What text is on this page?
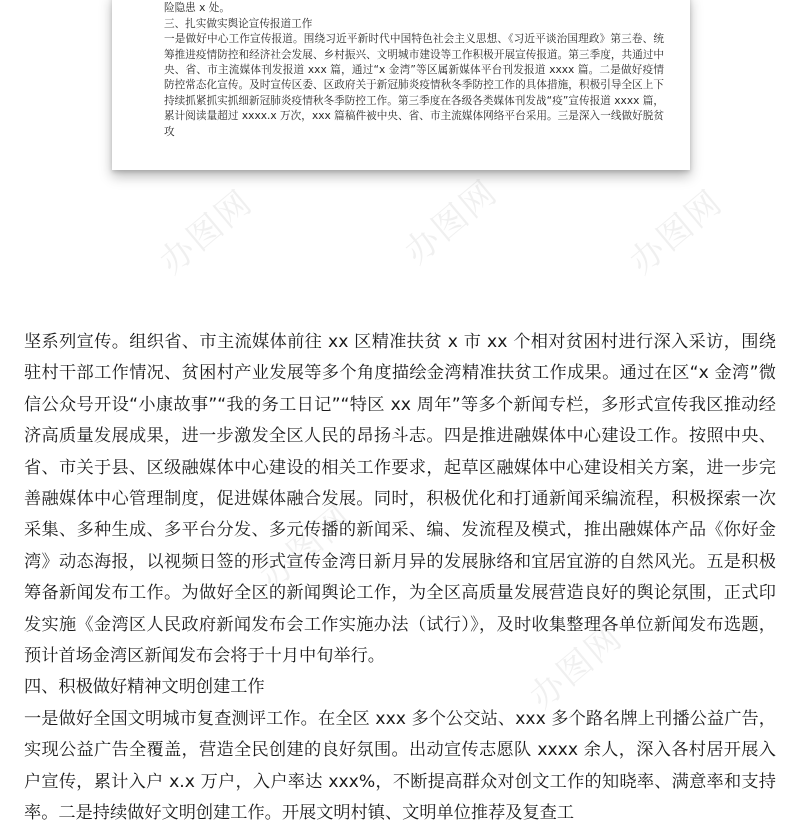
险隐患 x 处。

三、扎实做实舆论宣传报道工作

一是做好中心工作宣传报道。围绕习近平新时代中国特色社会主义思想、《习近平谈治国理政》第三卷、统筹推进疫情防控和经济社会发展、乡村振兴、文明城市建设等工作积极开展宣传报道。第三季度，共通过中央、省、市主流媒体刊发报道 xxx 篇，通过“x 金湾”等区属新媒体平台刊发报道 xxxx 篇。二是做好疫情防控常态化宣传。及时宣传区委、区政府关于新冠肺炎疫情秋冬季防控工作的具体措施，积极引导全区上下持续抓紧抓实抓细新冠肺炎疫情秋冬季防控工作。第三季度在各级各类媒体刊发战“疫”宣传报道 xxxx 篇，累计阅读量超过 xxxx.x 万次，xxx 篇稿件被中央、省、市主流媒体网络平台采用。三是深入一线做好脱贫攻

办图网
办图网

坚系列宣传。组织省、市主流媒体前往 xx 区精准扶贫 x 市 xx 个相对贫困村进行深入采访，围绕驻村干部工作情况、贫困村产业发展等多个角度描绘金湾精准扶贫工作成果。通过在区“x 金湾”微信公众号开设“小康故事”“我的务工日记”“特区 xx 周年”等多个新闻专栏，多形式宣传我区推动经济高质量发展成果，进一步激发全区人民的昂扬斗志。四是推进融媒体中心建设工作。按照中央、省、市关于县、区级融媒体中心建设的相关工作要求，起草区融媒体中心建设相关方案，进一步完善融媒体中心管理制度，促进媒体融合发展。同时，积极优化和打通新闻采编流程，积极探索一次采集、多种生成、多平台分发、多元传播的新闻采、编、发流程及模式，推出融媒体产品《你好金湾》动态海报，以视频日签的形式宣传金湾日新月异的发展脉络和宜居宜游的自然风光。五是积极筹备新闻发布工作。为做好全区的新闻舆论工作，为全区高质量发展营造良好的舆论氛围，正式印发实施《金湾区人民政府新闻发布会工作实施办法（试行）》，及时收集整理各单位新闻发布选题，预计首场金湾区新闻发布会将于十月中旬举行。

四、积极做好精神文明创建工作

一是做好全国文明城市复查测评工作。在全区 xxx 多个公交站、xxx 多个路名牌上刊播公益广告，实现公益广告全覆盖，营造全民创建的良好氛围。出动宣传志愿队 xxxx 余人，深入各村居开展入户宣传，累计入户 x.x 万户，入户率达 xxx%，不断提高群众对创文工作的知晓率、满意率和支持率。二是持续做好文明创建工作。开展文明村镇、文明单位推荐及复查工
